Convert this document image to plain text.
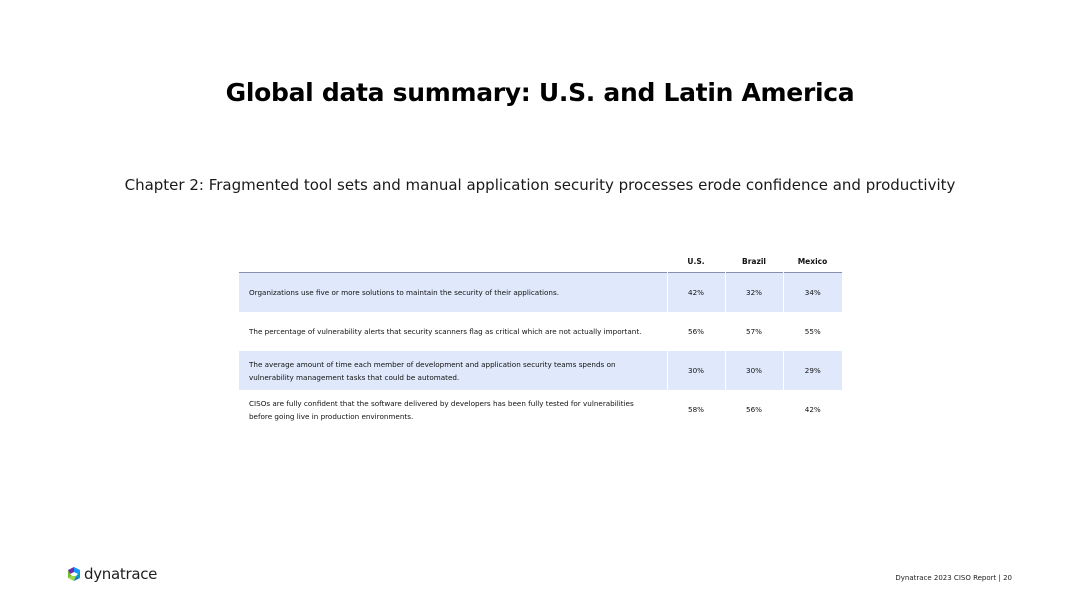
Global data summary: U.S. and Latin America
Chapter 2: Fragmented tool sets and manual application security processes erode confidence and productivity
	U.S.	Brazil	Mexico
Organizations use five or more solutions to maintain the security of their applications.	42%	32%	34%
The percentage of vulnerability alerts that security scanners flag as critical which are not actually important.	56%	57%	55%
The average amount of time each member of development and application security teams spends on vulnerability management tasks that could be automated.	30%	30%	29%
CISOs are fully confident that the software delivered by developers has been fully tested for vulnerabilities before going live in production environments.	58%	56%	42%
dynatrace	Dynatrace 2023 CISO Report | 20
